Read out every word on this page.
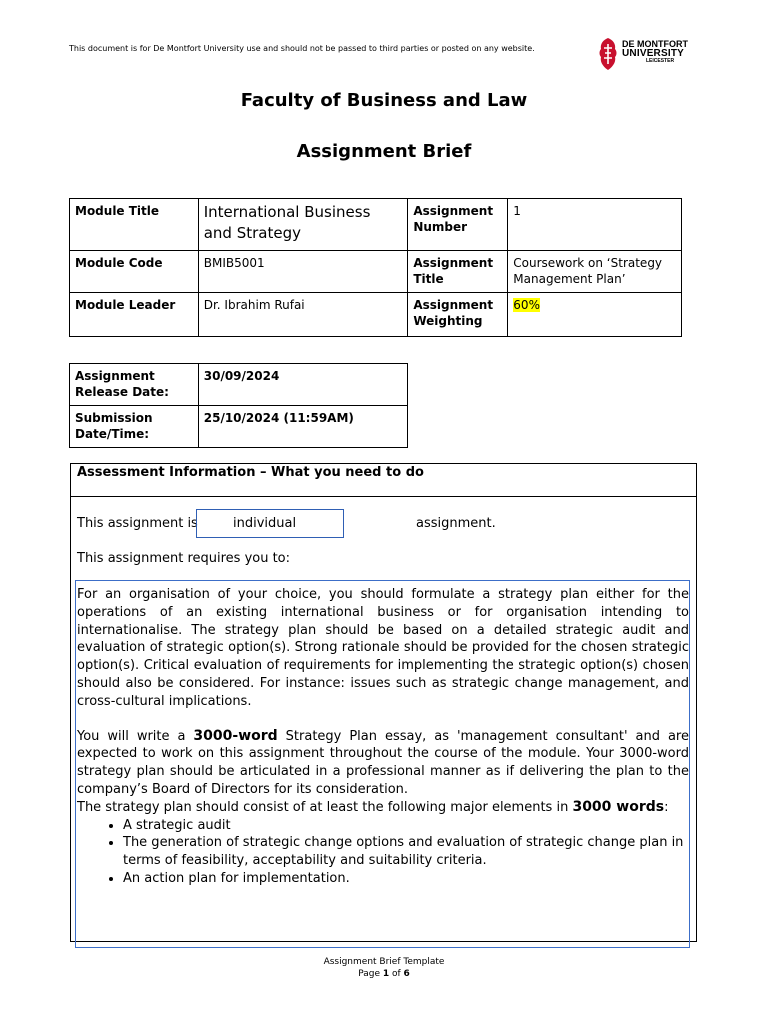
This document is for De Montfort University use and should not be passed to third parties or posted on any website.	DE MONTFORT
UNIVERSITY
LEICESTER
Faculty of Business and Law
Assignment Brief
Module Title	International Business and Strategy	Assignment Number	1
Module Code	BMIB5001	Assignment Title	Coursework on ‘Strategy Management Plan’
Module Leader	Dr. Ibrahim Rufai	Assignment Weighting	60%
Assignment Release Date:	30/09/2024
Submission Date/Time:	25/10/2024 (11:59AM)
Assessment Information – What you need to do
This assignment is	individual	assignment.
This assignment requires you to:

For an organisation of your choice, you should formulate a strategy plan either for the operations of an existing international business or for organisation intending to internationalise. The strategy plan should be based on a detailed strategic audit and evaluation of strategic option(s). Strong rationale should be provided for the chosen strategic option(s). Critical evaluation of requirements for implementing the strategic option(s) chosen should also be considered. For instance: issues such as strategic change management, and cross-cultural implications.

You will write a 3000-word Strategy Plan essay, as 'management consultant' and are expected to work on this assignment throughout the course of the module. Your 3000-word strategy plan should be articulated in a professional manner as if delivering the plan to the company’s Board of Directors for its consideration.

The strategy plan should consist of at least the following major elements in 3000 words:

• A strategic audit
• The generation of strategic change options and evaluation of strategic change plan in terms of feasibility, acceptability and suitability criteria.
• An action plan for implementation.
Assignment Brief Template
Page 1 of 6
